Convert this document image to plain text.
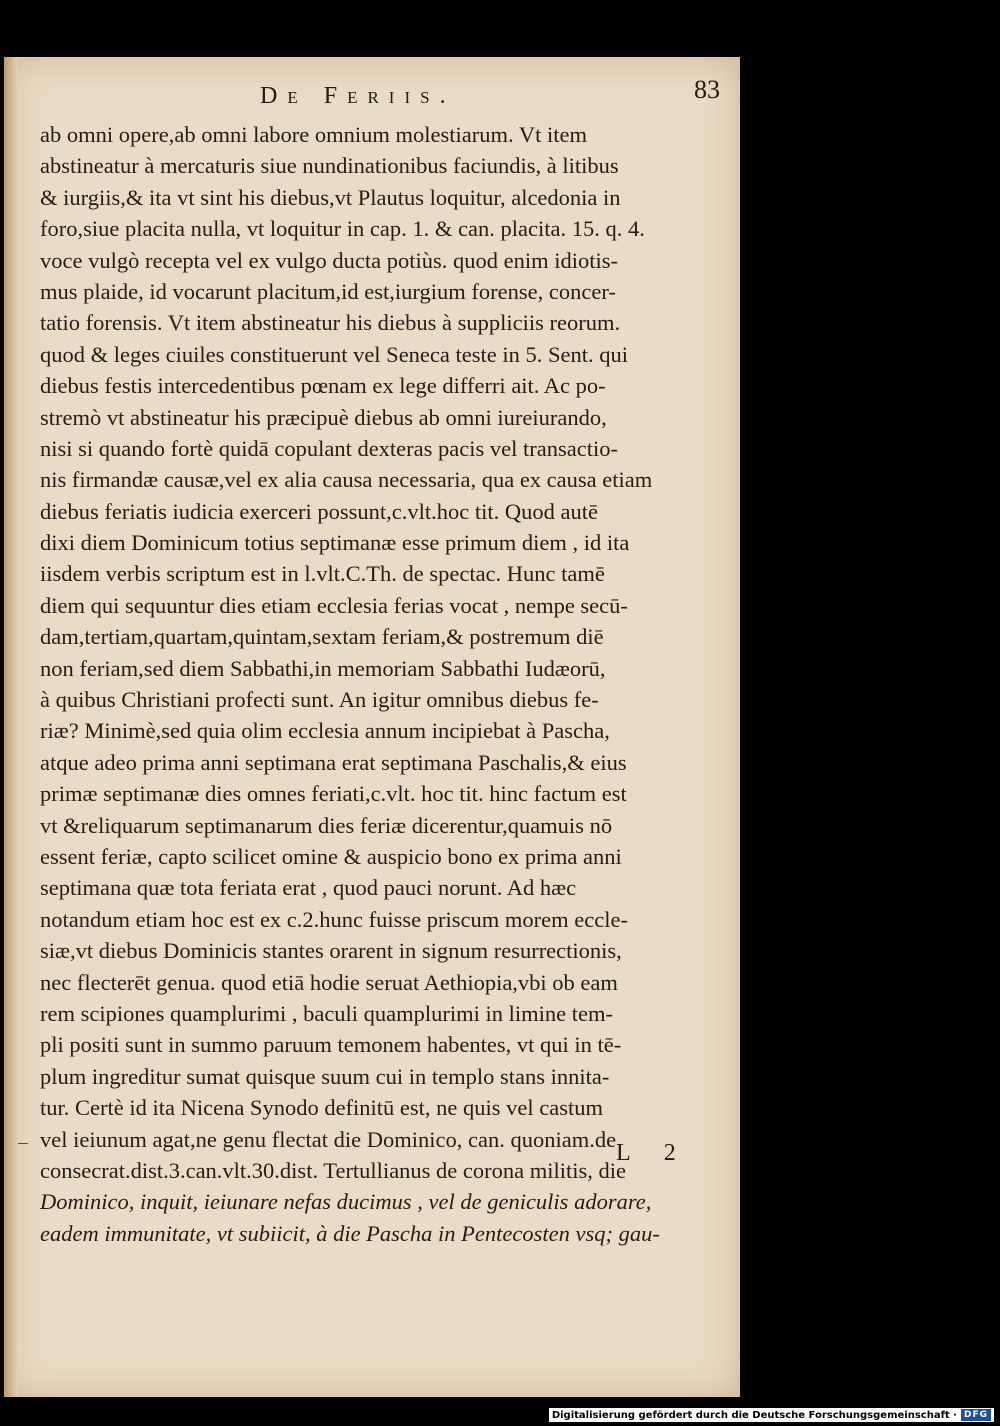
De Feriis.	83
ab omni opere,ab omni labore omnium molestiarum. Vt item
abstineatur à mercaturis siue nundinationibus faciundis, à litibus
& iurgiis,& ita vt sint his diebus,vt Plautus loquitur, alcedonia in
foro,siue placita nulla, vt loquitur in cap. 1. & can. placita. 15. q. 4.
voce vulgò recepta vel ex vulgo ducta potiùs. quod enim idiotis-
mus plaide, id vocarunt placitum,id est,iurgium forense, concer-
tatio forensis. Vt item abstineatur his diebus à suppliciis reorum.
quod & leges ciuiles constituerunt vel Seneca teste in 5. Sent. qui
diebus festis intercedentibus pœnam ex lege differri ait. Ac po-
stremò vt abstineatur his præcipuè diebus ab omni iureiurando,
nisi si quando fortè quidā copulant dexteras pacis vel transactio-
nis firmandæ causæ,vel ex alia causa necessaria, qua ex causa etiam
diebus feriatis iudicia exerceri possunt,c.vlt.hoc tit. Quod autē
dixi diem Dominicum totius septimanæ esse primum diem , id ita
iisdem verbis scriptum est in l.vlt.C.Th. de spectac. Hunc tamē
diem qui sequuntur dies etiam ecclesia ferias vocat , nempe secū-
dam,tertiam,quartam,quintam,sextam feriam,& postremum diē
non feriam,sed diem Sabbathi,in memoriam Sabbathi Iudæorū,
à quibus Christiani profecti sunt. An igitur omnibus diebus fe-
riæ? Minimè,sed quia olim ecclesia annum incipiebat à Pascha,
atque adeo prima anni septimana erat septimana Paschalis,& eius
primæ septimanæ dies omnes feriati,c.vlt. hoc tit. hinc factum est
vt &reliquarum septimanarum dies feriæ dicerentur,quamuis nō
essent feriæ, capto scilicet omine & auspicio bono ex prima anni
septimana quæ tota feriata erat , quod pauci norunt. Ad hæc
notandum etiam hoc est ex c.2.hunc fuisse priscum morem eccle-
siæ,vt diebus Dominicis stantes orarent in signum resurrectionis,
nec flecterēt genua. quod etiā hodie seruat Aethiopia,vbi ob eam
rem scipiones quamplurimi , baculi quamplurimi in limine tem-
pli positi sunt in summo paruum temonem habentes, vt qui in tē-
plum ingreditur sumat quisque suum cui in templo stans innita-
tur. Certè id ita Nicena Synodo definitū est, ne quis vel castum
vel ieiunum agat,ne genu flectat die Dominico, can. quoniam.de
consecrat.dist.3.can.vlt.30.dist. Tertullianus de corona militis, die
Dominico, inquit, ieiunare nefas ducimus , vel de geniculis adorare,
eadem immunitate, vt subiicit, à die Pascha in Pentecosten vsq; gau-
–	L 2
Digitalisierung gefördert durch die Deutsche Forschungsgemeinschaft · DFG
